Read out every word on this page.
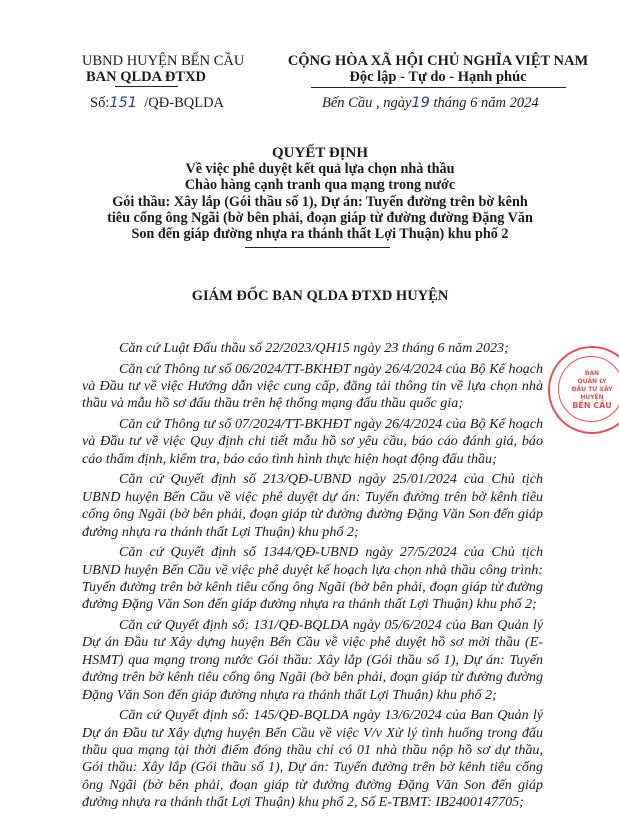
UBND HUYỆN BẾN CẦU
BAN QLDA ĐTXD
Số:151 /QĐ-BQLDA
CỘNG HÒA XÃ HỘI CHỦ NGHĨA VIỆT NAM
Độc lập - Tự do - Hạnh phúc
Bến Cầu , ngày19 tháng 6 năm 2024
QUYẾT ĐỊNH
Về việc phê duyệt kết quả lựa chọn nhà thầu
Chào hàng cạnh tranh qua mạng trong nước
Gói thầu: Xây lắp (Gói thầu số 1), Dự án: Tuyến đường trên bờ kênh tiêu cống ông Ngãi (bờ bên phải, đoạn giáp từ đường đường Đặng Văn Son đến giáp đường nhựa ra thánh thất Lợi Thuận) khu phố 2
GIÁM ĐỐC BAN QLDA ĐTXD HUYỆN

Căn cứ Luật Đấu thầu số 22/2023/QH15 ngày 23 tháng 6 năm 2023;

Căn cứ Thông tư số 06/2024/TT-BKHĐT ngày 26/4/2024 của Bộ Kế hoạch và Đầu tư về việc Hướng dẫn việc cung cấp, đăng tải thông tin về lựa chọn nhà thầu và mẫu hồ sơ đấu thầu trên hệ thống mạng đấu thầu quốc gia;

Căn cứ Thông tư số 07/2024/TT-BKHĐT ngày 26/4/2024 của Bộ Kế hoạch và Đầu tư về việc Quy định chi tiết mẫu hồ sơ yêu cầu, báo cáo đánh giá, báo cáo thẩm định, kiểm tra, báo cáo tình hình thực hiện hoạt động đấu thầu;

Căn cứ Quyết định số 213/QĐ-UBND ngày 25/01/2024 của Chủ tịch UBND huyện Bến Cầu về việc phê duyệt dự án: Tuyến đường trên bờ kênh tiêu cống ông Ngãi (bờ bên phải, đoạn giáp từ đường đường Đặng Văn Son đến giáp đường nhựa ra thánh thất Lợi Thuận) khu phố 2;

Căn cứ Quyết định số 1344/QĐ-UBND ngày 27/5/2024 của Chủ tịch UBND huyện Bến Cầu về việc phê duyệt kế hoạch lựa chọn nhà thầu công trình: Tuyến đường trên bờ kênh tiêu cống ông Ngãi (bờ bên phải, đoạn giáp từ đường đường Đặng Văn Son đến giáp đường nhựa ra thánh thất Lợi Thuận) khu phố 2;

Căn cứ Quyết định số: 131/QĐ-BQLDA ngày 05/6/2024 của Ban Quản lý Dự án Đầu tư Xây dựng huyện Bến Cầu về việc phê duyệt hồ sơ mời thầu (E-HSMT) qua mạng trong nước Gói thầu: Xây lắp (Gói thầu số 1), Dự án: Tuyến đường trên bờ kênh tiêu cống ông Ngãi (bờ bên phải, đoạn giáp từ đường đường Đặng Văn Son đến giáp đường nhựa ra thánh thất Lợi Thuận) khu phố 2;

Căn cứ Quyết định số: 145/QĐ-BQLDA ngày 13/6/2024 của Ban Quản lý Dự án Đầu tư Xây dựng huyện Bến Cầu về việc V/v Xử lý tình huống trong đấu thầu qua mạng tại thời điểm đóng thầu chỉ có 01 nhà thầu nộp hồ sơ dự thầu, Gói thầu: Xây lắp (Gói thầu số 1), Dự án: Tuyến đường trên bờ kênh tiêu cống ông Ngãi (bờ bên phải, đoạn giáp từ đường đường Đặng Văn Son đến giáp đường nhựa ra thánh thất Lợi Thuận) khu phố 2, Số E-TBMT: IB2400147705;

BAN
QUẢN LÝ
ĐẦU TƯ XÂY
HUYỆN
BẾN CẦU
